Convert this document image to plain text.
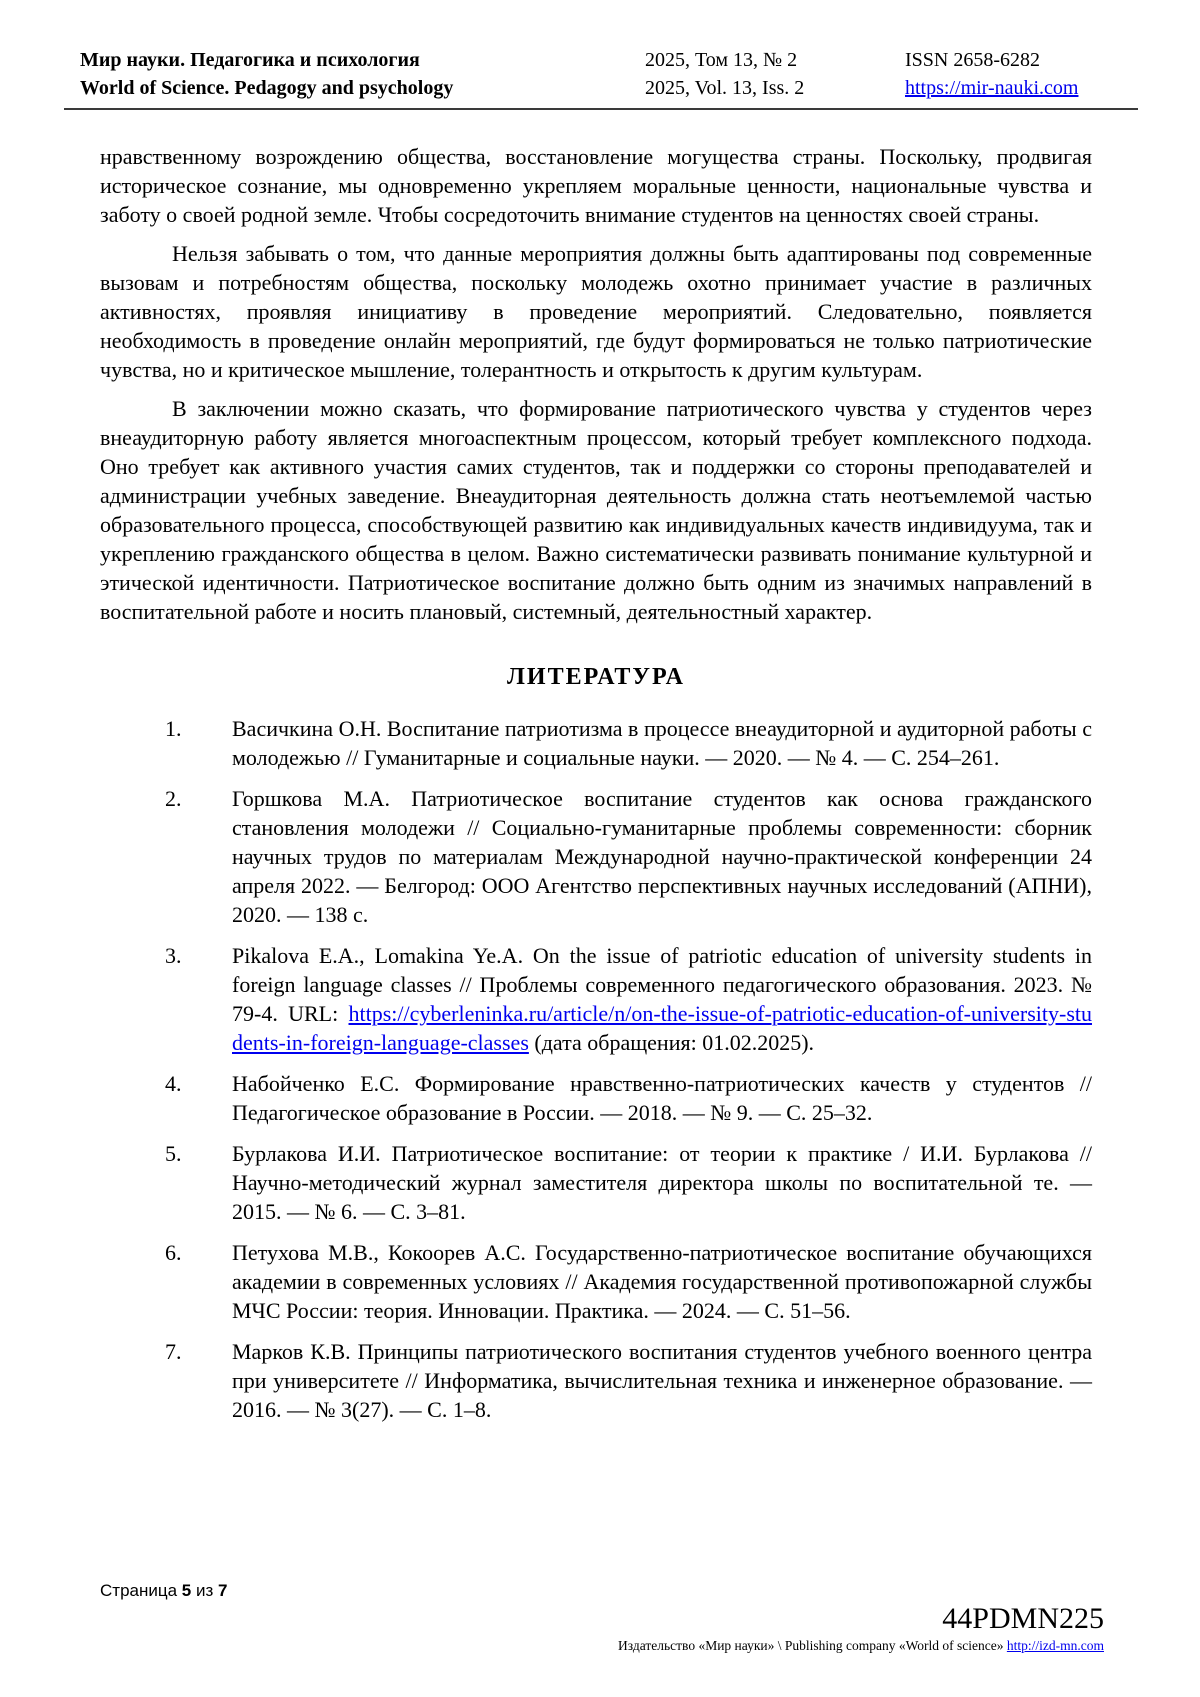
Мир науки. Педагогика и психология
World of Science. Pedagogy and psychology
2025, Том 13, № 2
2025, Vol. 13, Iss. 2
ISSN 2658-6282
https://mir-nauki.com

нравственному возрождению общества, восстановление могущества страны. Поскольку, продвигая историческое сознание, мы одновременно укрепляем моральные ценности, национальные чувства и заботу о своей родной земле. Чтобы сосредоточить внимание студентов на ценностях своей страны.

Нельзя забывать о том, что данные мероприятия должны быть адаптированы под современные вызовам и потребностям общества, поскольку молодежь охотно принимает участие в различных активностях, проявляя инициативу в проведение мероприятий. Следовательно, появляется необходимость в проведение онлайн мероприятий, где будут формироваться не только патриотические чувства, но и критическое мышление, толерантность и открытость к другим культурам.

В заключении можно сказать, что формирование патриотического чувства у студентов через внеаудиторную работу является многоаспектным процессом, который требует комплексного подхода. Оно требует как активного участия самих студентов, так и поддержки со стороны преподавателей и администрации учебных заведение. Внеаудиторная деятельность должна стать неотъемлемой частью образовательного процесса, способствующей развитию как индивидуальных качеств индивидуума, так и укреплению гражданского общества в целом. Важно систематически развивать понимание культурной и этической идентичности. Патриотическое воспитание должно быть одним из значимых направлений в воспитательной работе и носить плановый, системный, деятельностный характер.

ЛИТЕРАТУРА
1.	Васичкина О.Н. Воспитание патриотизма в процессе внеаудиторной и аудиторной работы с молодежью // Гуманитарные и социальные науки. — 2020. — № 4. — С. 254–261.
2.	Горшкова М.А. Патриотическое воспитание студентов как основа гражданского становления молодежи // Социально-гуманитарные проблемы современности: сборник научных трудов по материалам Международной научно-практической конференции 24 апреля 2022. — Белгород: ООО Агентство перспективных научных исследований (АПНИ), 2020. — 138 с.
3.	Pikalova E.A., Lomakina Ye.A. On the issue of patriotic education of university students in foreign language classes // Проблемы современного педагогического образования. 2023. № 79-4. URL: https://cyberleninka.ru/article/n/on-the-issue-of-patriotic-education-of-university-students-in-foreign-language-classes (дата обращения: 01.02.2025).
4.	Набойченко Е.С. Формирование нравственно-патриотических качеств у студентов // Педагогическое образование в России. — 2018. — № 9. — С. 25–32.
5.	Бурлакова И.И. Патриотическое воспитание: от теории к практике / И.И. Бурлакова // Научно-методический журнал заместителя директора школы по воспитательной те. — 2015. — № 6. — С. 3–81.
6.	Петухова М.В., Кокоорев А.С. Государственно-патриотическое воспитание обучающихся академии в современных условиях // Академия государственной противопожарной службы МЧС России: теория. Инновации. Практика. — 2024. — С. 51–56.
7.	Марков К.В. Принципы патриотического воспитания студентов учебного военного центра при университете // Информатика, вычислительная техника и инженерное образование. — 2016. — № 3(27). — С. 1–8.
Страница 5 из 7
44PDMN225
Издательство «Мир науки» \ Publishing company «World of science» http://izd-mn.com
